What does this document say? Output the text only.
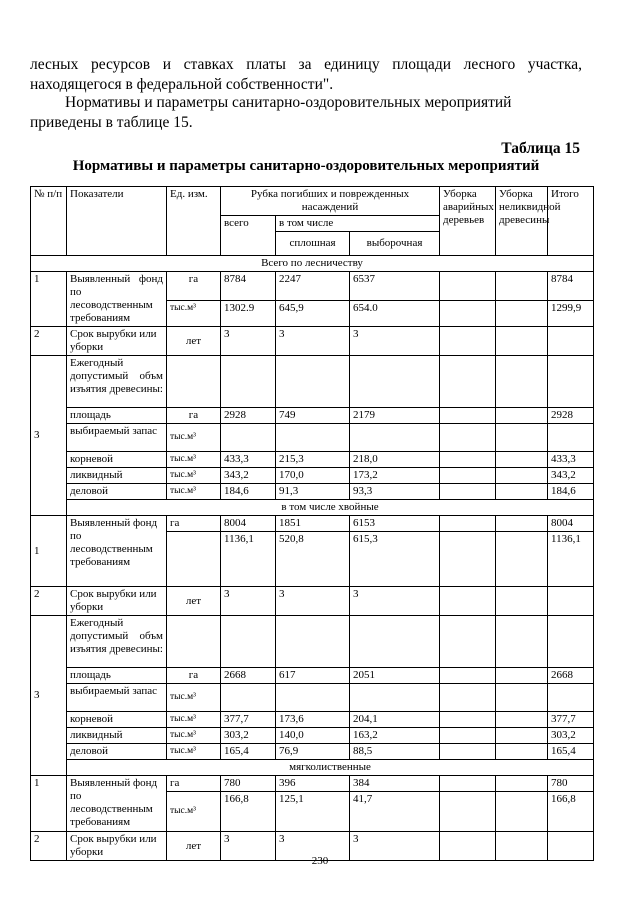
лесных ресурсов и ставках платы за единицу площади лесного участка, находящегося в федеральной собственности".
Нормативы и параметры санитарно-оздоровительных мероприятий приведены в таблице 15.
Таблица 15
Нормативы и параметры санитарно-оздоровительных мероприятий
№ п/п	Показатели	Ед. изм.	Рубка погибших и поврежденных насаждений			Уборка аварийных деревьев	Уборка неликвидной древесины	Итого
			всего	в том числе				
				сплошная	выборочная			
Всего по лесничеству								
1	Выявленный фонд по лесоводственным требованиям	га	8784	2247	6537			8784
		тыс.м³	1302.9	645,9	654.0			1299,9
2	Срок вырубки или уборки	лет	3	3	3			
3	Ежегодный допустимый объм изъятия древесины:							
	площадь	га	2928	749	2179			2928
	выбираемый запас	тыс.м³						
	корневой	тыс.м³	433,3	215,3	218,0			433,3
	ликвидный	тыс.м³	343,2	170,0	173,2			343,2
	деловой	тыс.м³	184,6	91,3	93,3			184,6
	в том числе хвойные							
1	Выявленный фонд по лесоводственным требованиям	га	8004	1851	6153			8004
			1136,1	520,8	615,3			1136,1
2	Срок вырубки или уборки	лет	3	3	3			
3	Ежегодный допустимый объм изъятия древесины:							
	площадь	га	2668	617	2051			2668
	выбираемый запас	тыс.м³						
	корневой	тыс.м³	377,7	173,6	204,1			377,7
	ликвидный	тыс.м³	303,2	140,0	163,2			303,2
	деловой	тыс.м³	165,4	76,9	88,5			165,4
	мягколиственные							
1	Выявленный фонд по лесоводственным требованиям	га	780	396	384			780
		тыс.м³	166,8	125,1	41,7			166,8
2	Срок вырубки или уборки	лет	3	3	3			
230
